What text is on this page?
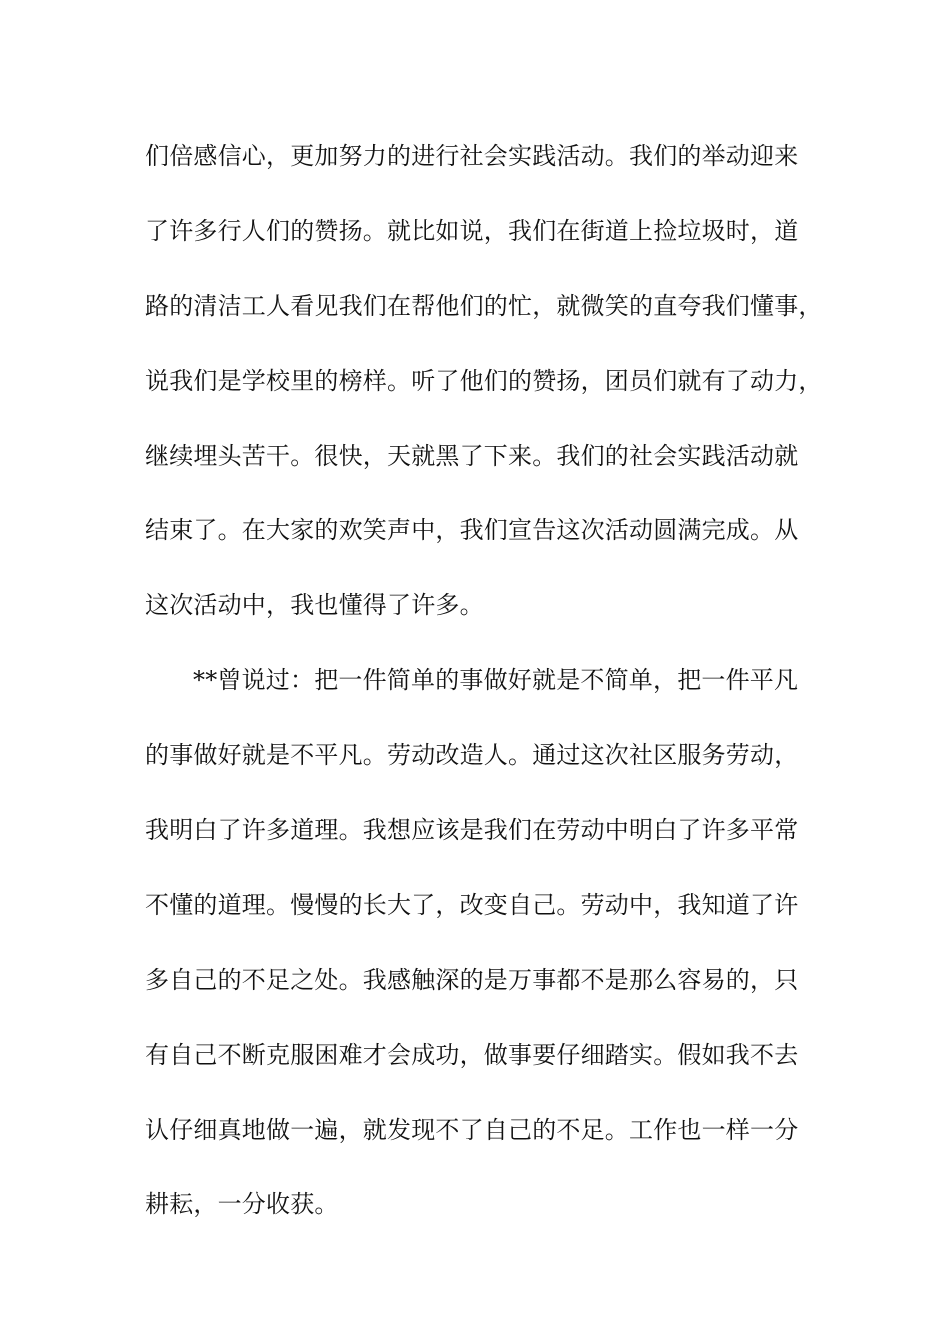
们倍感信心，更加努力的进行社会实践活动。我们的举动迎来
了许多行人们的赞扬。就比如说，我们在街道上捡垃圾时，道
路的清洁工人看见我们在帮他们的忙，就微笑的直夸我们懂事，
说我们是学校里的榜样。听了他们的赞扬，团员们就有了动力，
继续埋头苦干。很快，天就黑了下来。我们的社会实践活动就
结束了。在大家的欢笑声中，我们宣告这次活动圆满完成。从
这次活动中，我也懂得了许多。
**曾说过：把一件简单的事做好就是不简单，把一件平凡
的事做好就是不平凡。劳动改造人。通过这次社区服务劳动，
我明白了许多道理。我想应该是我们在劳动中明白了许多平常
不懂的道理。慢慢的长大了，改变自己。劳动中，我知道了许
多自己的不足之处。我感触深的是万事都不是那么容易的，只
有自己不断克服困难才会成功，做事要仔细踏实。假如我不去
认仔细真地做一遍，就发现不了自己的不足。工作也一样一分
耕耘，一分收获。
